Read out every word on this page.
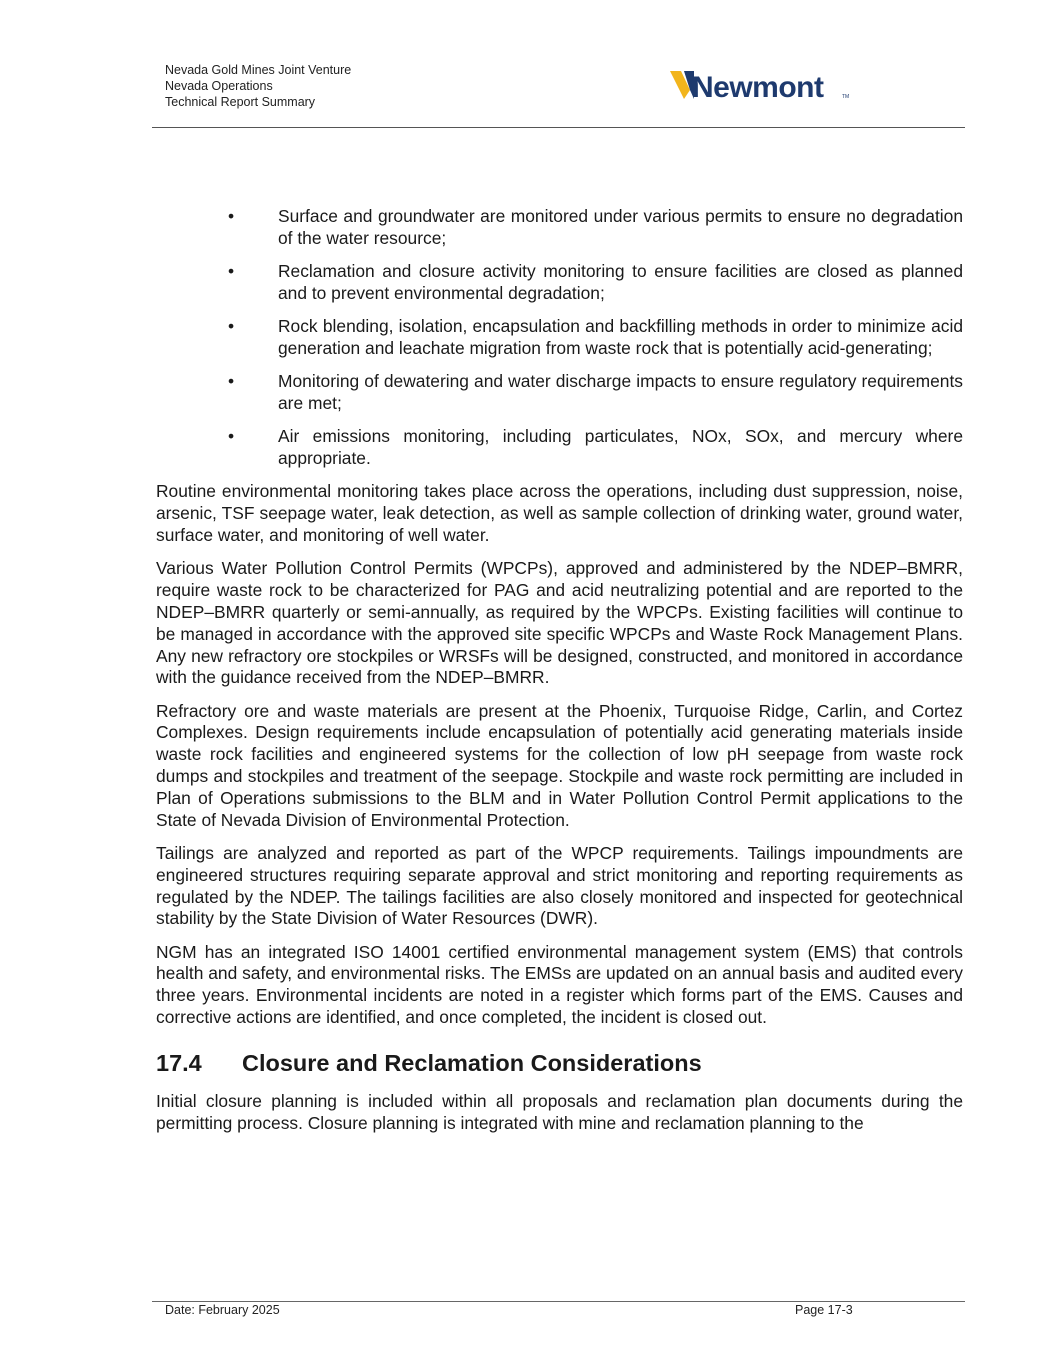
Nevada Gold Mines Joint Venture
Nevada Operations
Technical Report Summary	Newmont	TM
•	Surface and groundwater are monitored under various permits to ensure no degradation of the water resource;
•	Reclamation and closure activity monitoring to ensure facilities are closed as planned and to prevent environmental degradation;
•	Rock blending, isolation, encapsulation and backfilling methods in order to minimize acid generation and leachate migration from waste rock that is potentially acid-generating;
•	Monitoring of dewatering and water discharge impacts to ensure regulatory requirements are met;
•	Air emissions monitoring, including particulates, NOx, SOx, and mercury where appropriate.

Routine environmental monitoring takes place across the operations, including dust suppression, noise, arsenic, TSF seepage water, leak detection, as well as sample collection of drinking water, ground water, surface water, and monitoring of well water.

Various Water Pollution Control Permits (WPCPs), approved and administered by the NDEP–BMRR, require waste rock to be characterized for PAG and acid neutralizing potential and are reported to the NDEP–BMRR quarterly or semi-annually, as required by the WPCPs. Existing facilities will continue to be managed in accordance with the approved site specific WPCPs and Waste Rock Management Plans. Any new refractory ore stockpiles or WRSFs will be designed, constructed, and monitored in accordance with the guidance received from the NDEP–BMRR.

Refractory ore and waste materials are present at the Phoenix, Turquoise Ridge, Carlin, and Cortez Complexes. Design requirements include encapsulation of potentially acid generating materials inside waste rock facilities and engineered systems for the collection of low pH seepage from waste rock dumps and stockpiles and treatment of the seepage. Stockpile and waste rock permitting are included in Plan of Operations submissions to the BLM and in Water Pollution Control Permit applications to the State of Nevada Division of Environmental Protection.

Tailings are analyzed and reported as part of the WPCP requirements. Tailings impoundments are engineered structures requiring separate approval and strict monitoring and reporting requirements as regulated by the NDEP. The tailings facilities are also closely monitored and inspected for geotechnical stability by the State Division of Water Resources (DWR).

NGM has an integrated ISO 14001 certified environmental management system (EMS) that controls health and safety, and environmental risks. The EMSs are updated on an annual basis and audited every three years. Environmental incidents are noted in a register which forms part of the EMS. Causes and corrective actions are identified, and once completed, the incident is closed out.

17.4	Closure and Reclamation Considerations

Initial closure planning is included within all proposals and reclamation plan documents during the permitting process. Closure planning is integrated with mine and reclamation planning to the

Date: February 2025	Page 17-3
